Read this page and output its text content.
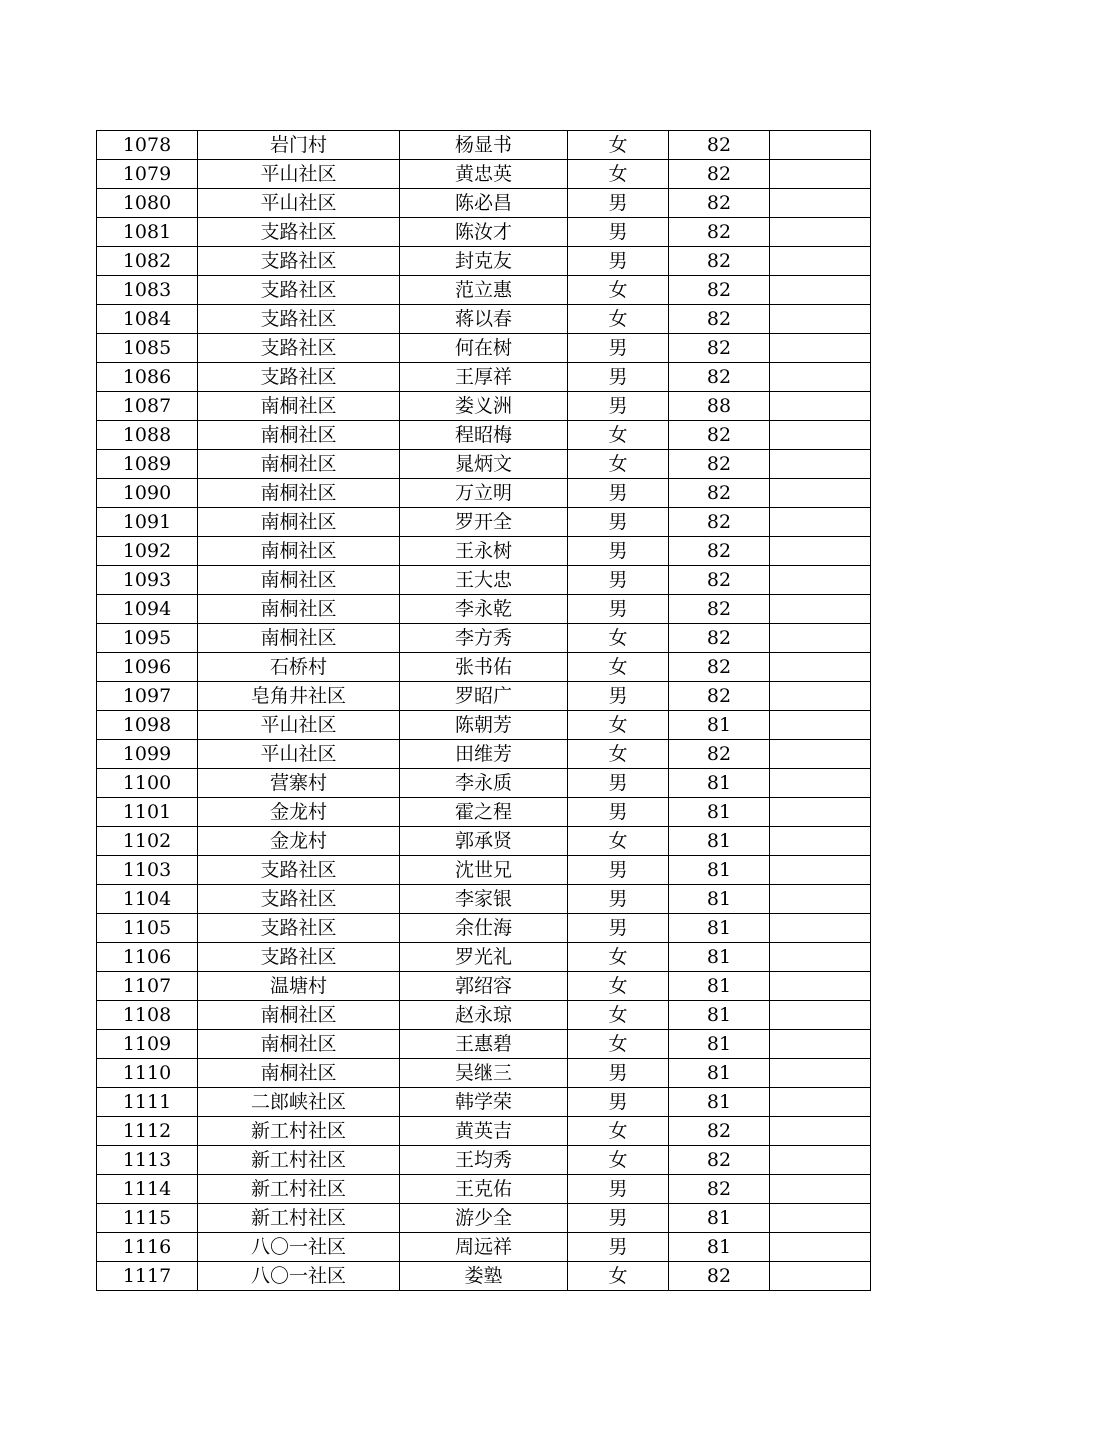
1078	岩门村	杨显书	女	82	
1079	平山社区	黄忠英	女	82	
1080	平山社区	陈必昌	男	82	
1081	支路社区	陈汝才	男	82	
1082	支路社区	封克友	男	82	
1083	支路社区	范立惠	女	82	
1084	支路社区	蒋以春	女	82	
1085	支路社区	何在树	男	82	
1086	支路社区	王厚祥	男	82	
1087	南桐社区	娄义洲	男	88	
1088	南桐社区	程昭梅	女	82	
1089	南桐社区	晁炳文	女	82	
1090	南桐社区	万立明	男	82	
1091	南桐社区	罗开全	男	82	
1092	南桐社区	王永树	男	82	
1093	南桐社区	王大忠	男	82	
1094	南桐社区	李永乾	男	82	
1095	南桐社区	李方秀	女	82	
1096	石桥村	张书佑	女	82	
1097	皂角井社区	罗昭广	男	82	
1098	平山社区	陈朝芳	女	81	
1099	平山社区	田维芳	女	82	
1100	营寨村	李永质	男	81	
1101	金龙村	霍之程	男	81	
1102	金龙村	郭承贤	女	81	
1103	支路社区	沈世兄	男	81	
1104	支路社区	李家银	男	81	
1105	支路社区	余仕海	男	81	
1106	支路社区	罗光礼	女	81	
1107	温塘村	郭绍容	女	81	
1108	南桐社区	赵永琼	女	81	
1109	南桐社区	王惠碧	女	81	
1110	南桐社区	吴继三	男	81	
1111	二郎峡社区	韩学荣	男	81	
1112	新工村社区	黄英吉	女	82	
1113	新工村社区	王均秀	女	82	
1114	新工村社区	王克佑	男	82	
1115	新工村社区	游少全	男	81	
1116	八〇一社区	周远祥	男	81	
1117	八〇一社区	娄塾	女	82	
